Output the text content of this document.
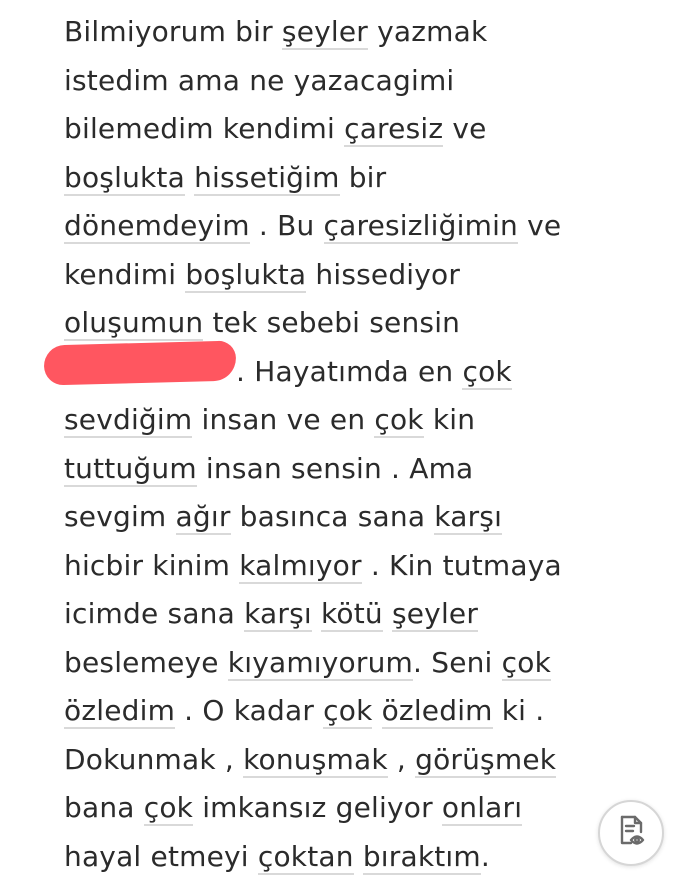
Bilmiyorum bir şeyler yazmak
istedim ama ne yazacagimi
bilemedim kendimi çaresiz ve
boşlukta hissetiğim bir
dönemdeyim . Bu çaresizliğimin ve
kendimi boşlukta hissediyor
oluşumun tek sebebi sensin
. Hayatımda en çok
sevdiğim insan ve en çok kin
tuttuğum insan sensin . Ama
sevgim ağır basınca sana karşı
hicbir kinim kalmıyor . Kin tutmaya
icimde sana karşı kötü şeyler
beslemeye kıyamıyorum. Seni çok
özledim . O kadar çok özledim ki .
Dokunmak , konuşmak , görüşmek
bana çok imkansız geliyor onları
hayal etmeyi çoktan bıraktım.
